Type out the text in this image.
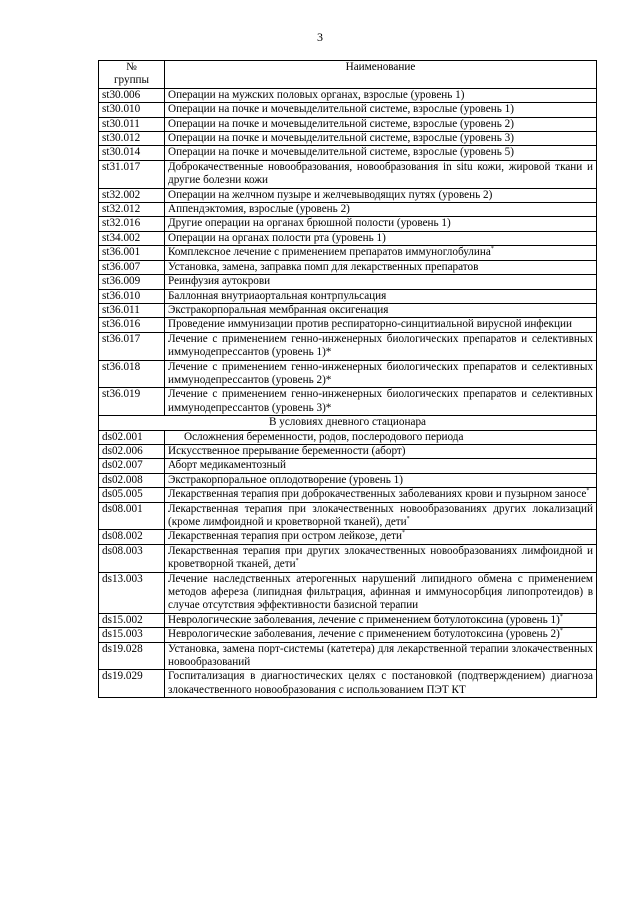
3
№
группы	Наименование
st30.006	Операции на мужских половых органах, взрослые (уровень 1)
st30.010	Операции на почке и мочевыделительной системе, взрослые (уровень 1)
st30.011	Операции на почке и мочевыделительной системе, взрослые (уровень 2)
st30.012	Операции на почке и мочевыделительной системе, взрослые (уровень 3)
st30.014	Операции на почке и мочевыделительной системе, взрослые (уровень 5)
st31.017	Доброкачественные новообразования, новообразования in situ кожи, жировой ткани и другие болезни кожи
st32.002	Операции на желчном пузыре и желчевыводящих путях (уровень 2)
st32.012	Аппендэктомия, взрослые (уровень 2)
st32.016	Другие операции на органах брюшной полости (уровень 1)
st34.002	Операции на органах полости рта (уровень 1)
st36.001	Комплексное лечение с применением препаратов иммуноглобулина*
st36.007	Установка, замена, заправка помп для лекарственных препаратов
st36.009	Реинфузия аутокрови
st36.010	Баллонная внутриаортальная контрпульсация
st36.011	Экстракорпоральная мембранная оксигенация
st36.016	Проведение иммунизации против респираторно-синцитиальной вирусной инфекции
st36.017	Лечение с применением генно-инженерных биологических препаратов и селективных иммунодепрессантов (уровень 1)*
st36.018	Лечение с применением генно-инженерных биологических препаратов и селективных иммунодепрессантов (уровень 2)*
st36.019	Лечение с применением генно-инженерных биологических препаратов и селективных иммунодепрессантов (уровень 3)*
В условиях дневного стационара	
ds02.001	Осложнения беременности, родов, послеродового периода
ds02.006	Искусственное прерывание беременности (аборт)
ds02.007	Аборт медикаментозный
ds02.008	Экстракорпоральное оплодотворение (уровень 1)
ds05.005	Лекарственная терапия при доброкачественных заболеваниях крови и пузырном заносе*
ds08.001	Лекарственная терапия при злокачественных новообразованиях других локализаций (кроме лимфоидной и кроветворной тканей), дети*
ds08.002	Лекарственная терапия при остром лейкозе, дети*
ds08.003	Лекарственная терапия при других злокачественных новообразованиях лимфоидной и кроветворной тканей, дети*
ds13.003	Лечение наследственных атерогенных нарушений липидного обмена с применением методов афереза (липидная фильтрация, афинная и иммуносорбция липопротеидов) в случае отсутствия эффективности базисной терапии
ds15.002	Неврологические заболевания, лечение с применением ботулотоксина (уровень 1)*
ds15.003	Неврологические заболевания, лечение с применением ботулотоксина (уровень 2)*
ds19.028	Установка, замена порт-системы (катетера) для лекарственной терапии злокачественных новообразований
ds19.029	Госпитализация в диагностических целях с постановкой (подтверждением) диагноза злокачественного новообразования с использованием ПЭТ КТ
